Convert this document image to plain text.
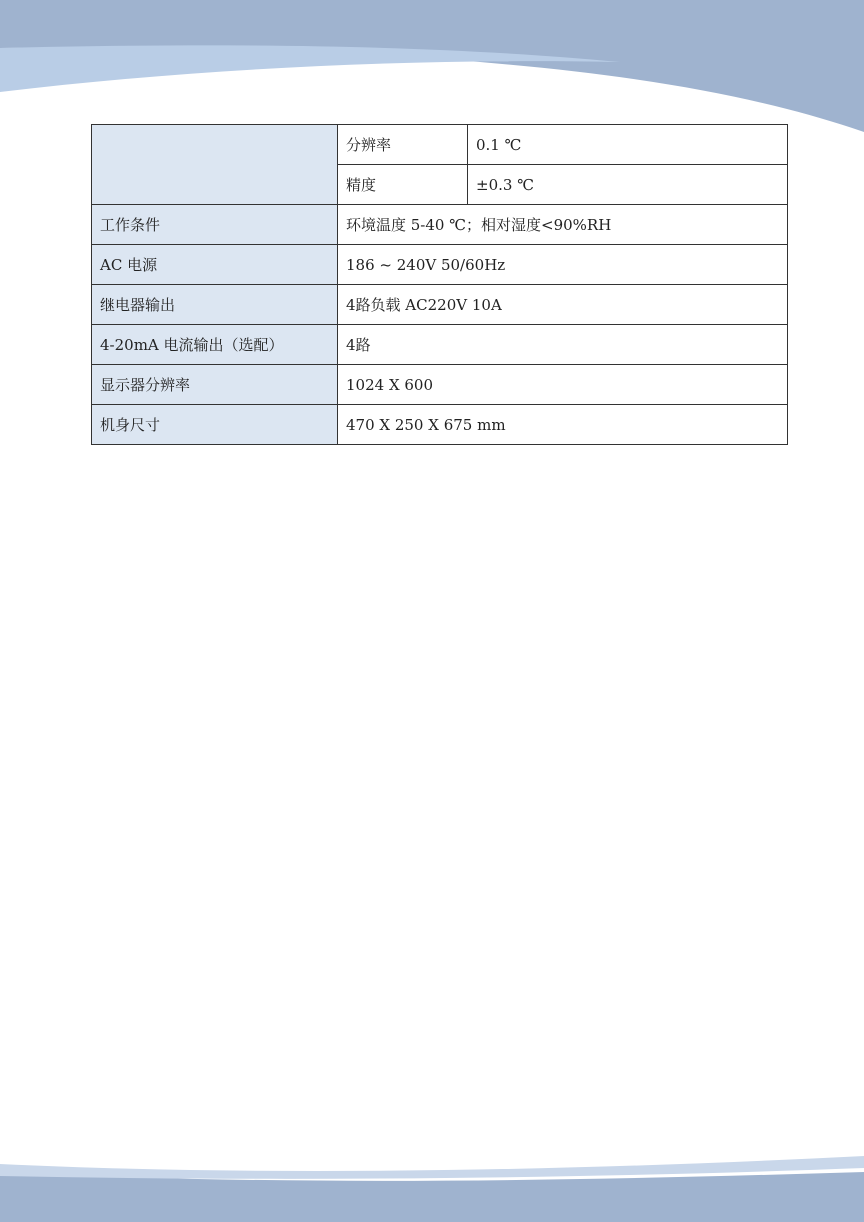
	分辨率	0.1 ℃
	精度	±0.3 ℃
工作条件	环境温度 5-40 ℃；相对湿度<90%RH	
AC 电源	186 ~ 240V 50/60Hz	
继电器输出	4路负载 AC220V 10A	
4-20mA 电流输出（选配）	4路	
显示器分辨率	1024 X 600	
机身尺寸	470 X 250 X 675 mm	
